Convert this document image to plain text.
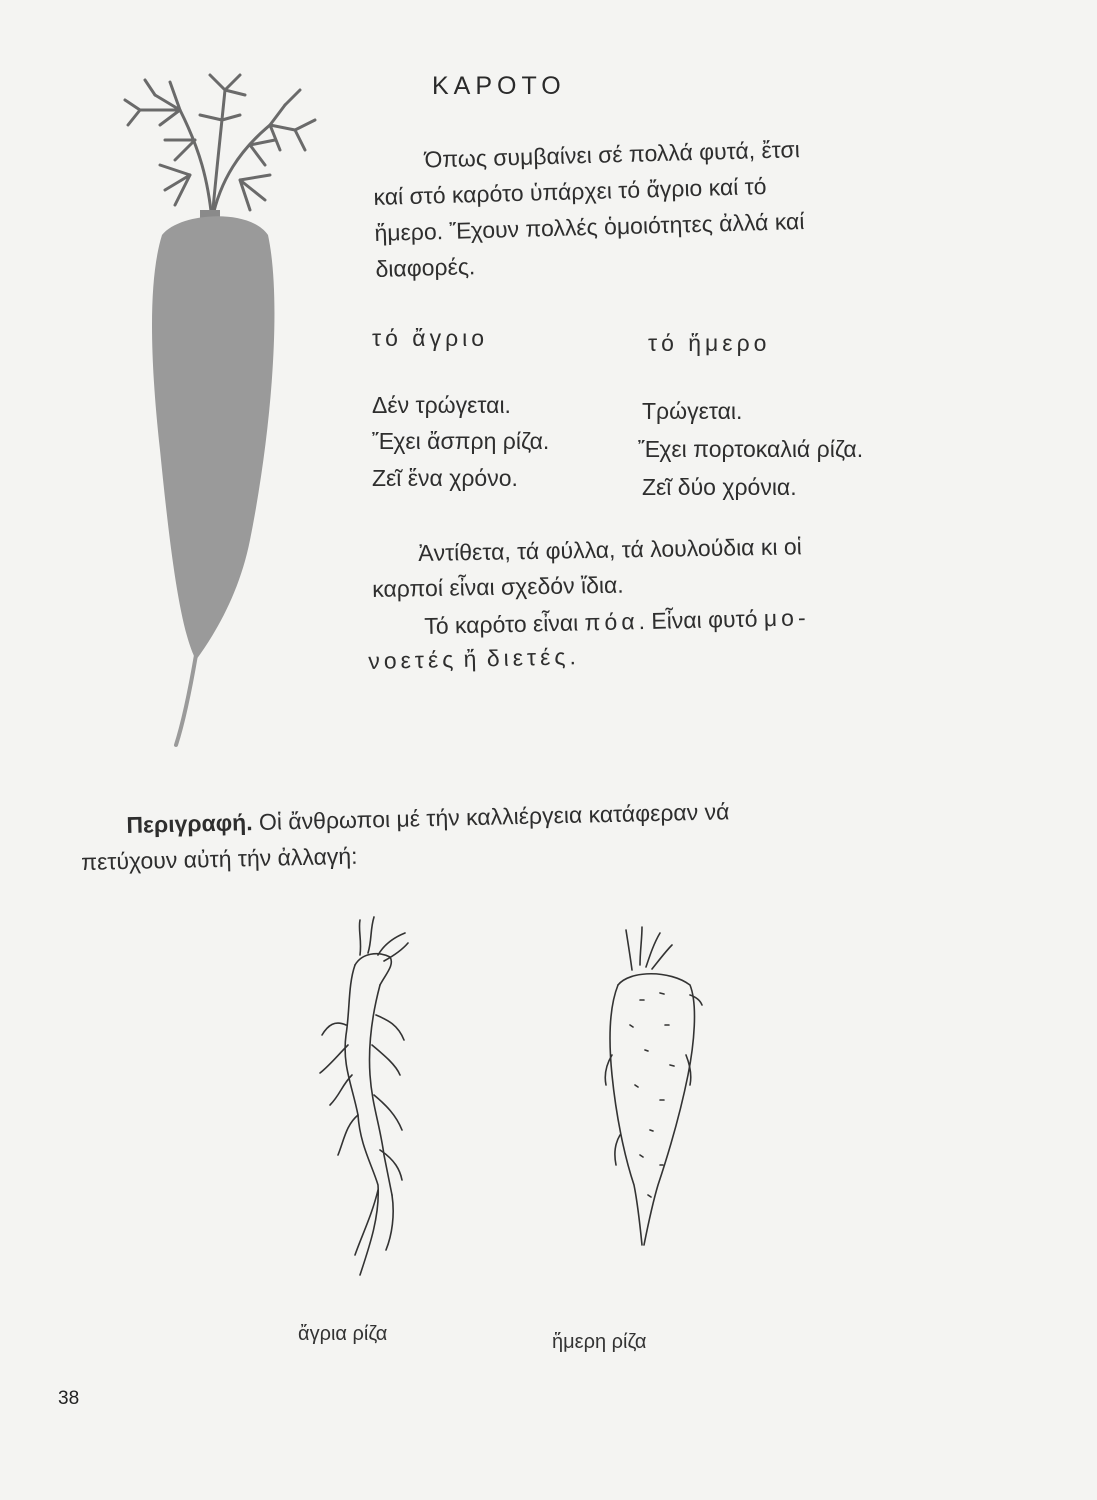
ΚΑΡΟΤΟ
Όπως συμβαίνει σέ πολλά φυτά, ἔτσι
καί στό καρότο ὑπάρχει τό ἄγριο καί τό
ἥμερο. Ἔχουν πολλές ὁμοιότητες ἀλλά καί
διαφορές.
τό ἄγριο	τό ἥμερο
Δέν τρώγεται.
Ἔχει ἄσπρη ρίζα.
Ζεῖ ἕνα χρόνο.
Τρώγεται.
Ἔχει πορτοκαλιά ρίζα.
Ζεῖ δύο χρόνια.
Ἀντίθετα, τά φύλλα, τά λουλούδια κι οἱ
καρποί εἶναι σχεδόν ἴδια.
Τό καρότο εἶναι πόα. Εἶναι φυτό μο-
νοετές ἤ διετές.
Περιγραφή. Οἱ ἄνθρωποι μέ τήν καλλιέργεια κατάφεραν νά
πετύχουν αὐτή τήν ἀλλαγή:
ἄγρια ρίζα	ἥμερη ρίζα
38
